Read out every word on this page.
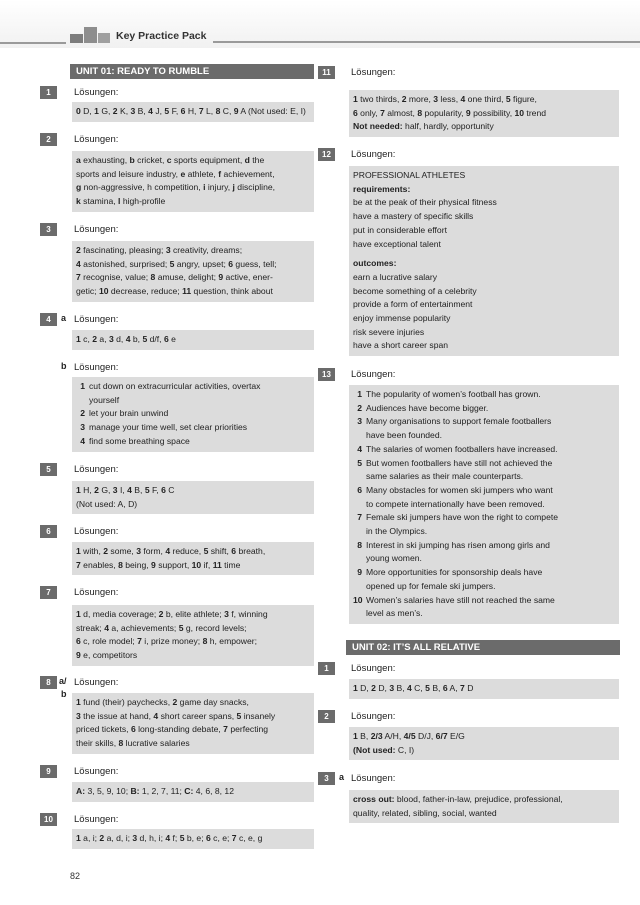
Key Practice Pack
UNIT 01: READY TO RUMBLE
1	Lösungen:
0 D, 1 G, 2 K, 3 B, 4 J, 5 F, 6 H, 7 L, 8 C, 9 A (Not used: E, I)
2	Lösungen:
a exhausting, b cricket, c sports equipment, d the
sports and leisure industry, e athlete, f achievement,
g non-aggressive, h competition, i injury, j discipline,
k stamina, l high-profile
3	Lösungen:
2 fascinating, pleasing; 3 creativity, dreams;
4 astonished, surprised; 5 angry, upset; 6 guess, tell;
7 recognise, value; 8 amuse, delight; 9 active, ener-
getic; 10 decrease, reduce; 11 question, think about
4	a Lösungen:
1 c, 2 a, 3 d, 4 b, 5 d/f, 6 e
b Lösungen:
1 cut down on extracurricular activities, overtax
yourself
2 let your brain unwind
3 manage your time well, set clear priorities
4 find some breathing space
5	Lösungen:
1 H, 2 G, 3 I, 4 B, 5 F, 6 C
(Not used: A, D)
6	Lösungen:
1 with, 2 some, 3 form, 4 reduce, 5 shift, 6 breath,
7 enables, 8 being, 9 support, 10 if, 11 time
7	Lösungen:
1 d, media coverage; 2 b, elite athlete; 3 f, winning
streak; 4 a, achievements; 5 g, record levels;
6 c, role model; 7 i, prize money; 8 h, empower;
9 e, competitors
8 a/
b
Lösungen:
1 fund (their) paychecks, 2 game day snacks,
3 the issue at hand, 4 short career spans, 5 insanely
priced tickets, 6 long-standing debate, 7 perfecting
their skills, 8 lucrative salaries
9	Lösungen:
A: 3, 5, 9, 10; B: 1, 2, 7, 11; C: 4, 6, 8, 12
10	Lösungen:
1 a, i; 2 a, d, i; 3 d, h, i; 4 f; 5 b, e; 6 c, e; 7 c, e, g
82
11	Lösungen:
1 two thirds, 2 more, 3 less, 4 one third, 5 figure,
6 only, 7 almost, 8 popularity, 9 possibility, 10 trend
Not needed: half, hardly, opportunity
12	Lösungen:
PROFESSIONAL ATHLETES
requirements:
be at the peak of their physical fitness
have a mastery of specific skills
put in considerable effort
have exceptional talent
outcomes:
earn a lucrative salary
become something of a celebrity
provide a form of entertainment
enjoy immense popularity
risk severe injuries
have a short career span
13	Lösungen:
1 The popularity of women’s football has grown.
2 Audiences have become bigger.
3 Many organisations to support female footballers
have been founded.
4 The salaries of women footballers have increased.
5 But women footballers have still not achieved the
same salaries as their male counterparts.
6 Many obstacles for women ski jumpers who want
to compete internationally have been removed.
7 Female ski jumpers have won the right to compete
in the Olympics.
8 Interest in ski jumping has risen among girls and
young women.
9 More opportunities for sponsorship deals have
opened up for female ski jumpers.
10 Women’s salaries have still not reached the same
level as men’s.
UNIT 02: IT’S ALL RELATIVE
1	Lösungen:
1 D, 2 D, 3 B, 4 C, 5 B, 6 A, 7 D
2	Lösungen:
1 B, 2/3 A/H, 4/5 D/J, 6/7 E/G
(Not used: C, I)
3	a Lösungen:
cross out: blood, father-in-law, prejudice, professional,
quality, related, sibling, social, wanted
